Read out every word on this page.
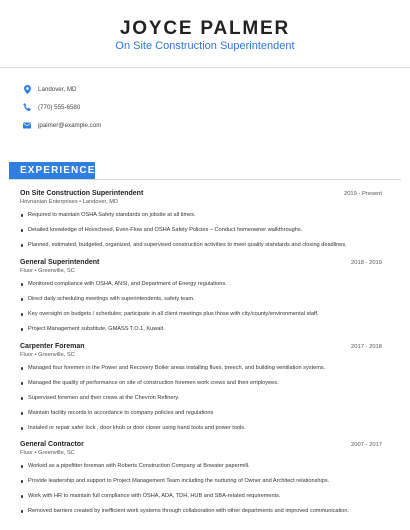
JOYCE PALMER
On Site Construction Superintendent
Landover, MD
(770) 555-6580
jpalmer@example.com
EXPERIENCE
On Site Construction Superintendent	2019 - Present
Hovnanian Enterprises • Landover, MD
Required to maintain OSHA Safety standards on jobsite at all times.
Detailed knowledge of Hovscheed, Even-Flow and OSHA Safety Policies – Conduct homeowner walkthroughs.
Planned, estimated, budgeted, organized, and supervised construction activities to meet quality standards and closing deadlines.
General Superintendent	2018 - 2019
Fluor • Greenville, SC
Monitored compliance with OSHA, ANSI, and Department of Energy regulations.
Direct daily scheduling meetings with superintendents, safety team.
Key oversight on budgets / schedules; participate in all client meetings plus those with city/county/environmental staff.
Project Management substitute, GMASS T.O.1, Kuwait.
Carpenter Foreman	2017 - 2018
Fluor • Greenville, SC
Managed four foremen in the Power and Recovery Boiler areas installing flues, breech, and building ventilation systems.
Managed the quality of performance on site of construction foremen work crews and their employees.
Supervised foremen and their crews at the Chevron Refinery.
Maintain facility records in accordance to company policies and regulations
Instaled or repair safer lock , door khob or door closer using hand tools and power tools.
General Contractor	2007 - 2017
Fluor • Greenville, SC
Worked as a pipefitter foreman with Roberts Construction Company at Bowater papermill.
Provide leadership and support to Project Management Team including the nurturing of Owner and Architect relationships.
Work with HR to maintain full compliance with OSHA, ADA, TDH, HUB and SBA-related requirements.
Removed barriers created by inefficient work systems through collaboration with other departments and improved communication.
